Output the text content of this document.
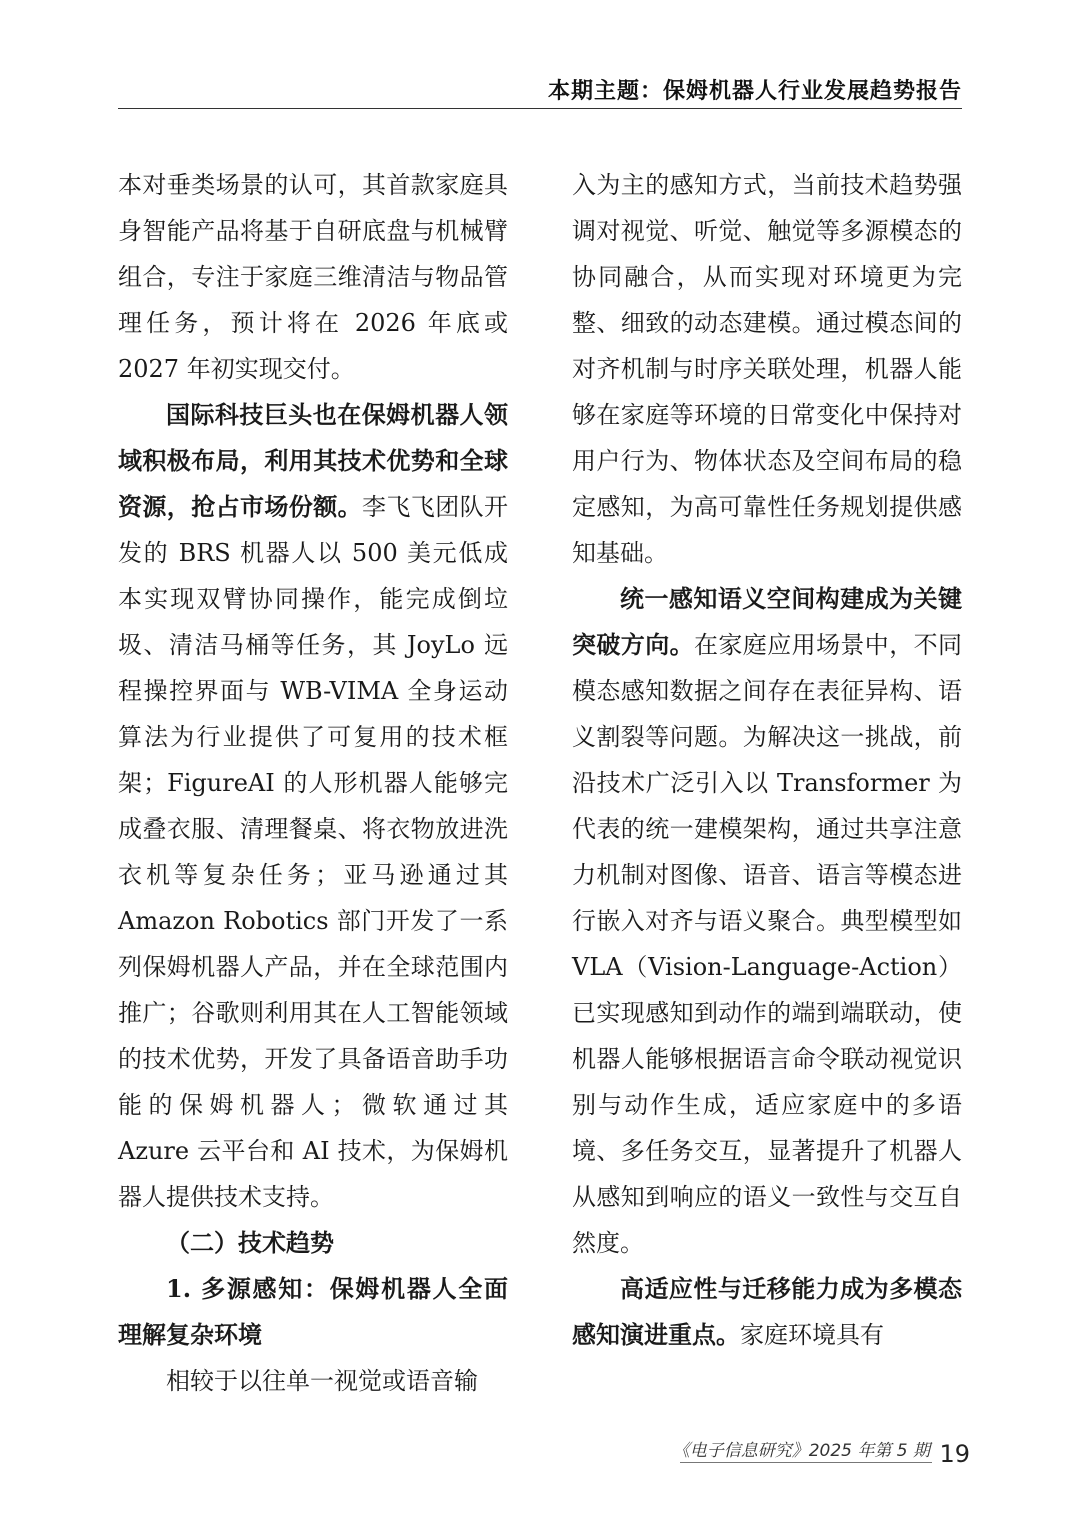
本期主题：保姆机器人行业发展趋势报告

本对垂类场景的认可，其首款家庭具身智能产品将基于自研底盘与机械臂组合，专注于家庭三维清洁与物品管理任务，预计将在 2026 年底或 2027 年初实现交付。

国际科技巨头也在保姆机器人领域积极布局，利用其技术优势和全球资源，抢占市场份额。李飞飞团队开发的 BRS 机器人以 500 美元低成本实现双臂协同操作，能完成倒垃圾、清洁马桶等任务，其 JoyLo 远程操控界面与 WB-VIMA 全身运动算法为行业提供了可复用的技术框架；FigureAI 的人形机器人能够完成叠衣服、清理餐桌、将衣物放进洗衣机等复杂任务；亚马逊通过其 Amazon Robotics 部门开发了一系列保姆机器人产品，并在全球范围内推广；谷歌则利用其在人工智能领域的技术优势，开发了具备语音助手功能的保姆机器人；微软通过其 Azure 云平台和 AI 技术，为保姆机器人提供技术支持。

（二）技术趋势

1. 多源感知：保姆机器人全面理解复杂环境

相较于以往单一视觉或语音输

入为主的感知方式，当前技术趋势强调对视觉、听觉、触觉等多源模态的协同融合，从而实现对环境更为完整、细致的动态建模。通过模态间的对齐机制与时序关联处理，机器人能够在家庭等环境的日常变化中保持对用户行为、物体状态及空间布局的稳定感知，为高可靠性任务规划提供感知基础。

统一感知语义空间构建成为关键突破方向。在家庭应用场景中，不同模态感知数据之间存在表征异构、语义割裂等问题。为解决这一挑战，前沿技术广泛引入以 Transformer 为代表的统一建模架构，通过共享注意力机制对图像、语音、语言等模态进行嵌入对齐与语义聚合。典型模型如 VLA（Vision-Language-Action）已实现感知到动作的端到端联动，使机器人能够根据语言命令联动视觉识别与动作生成，适应家庭中的多语境、多任务交互，显著提升了机器人从感知到响应的语义一致性与交互自然度。

高适应性与迁移能力成为多模态感知演进重点。家庭环境具有

《电子信息研究》2025 年第 5 期 19
